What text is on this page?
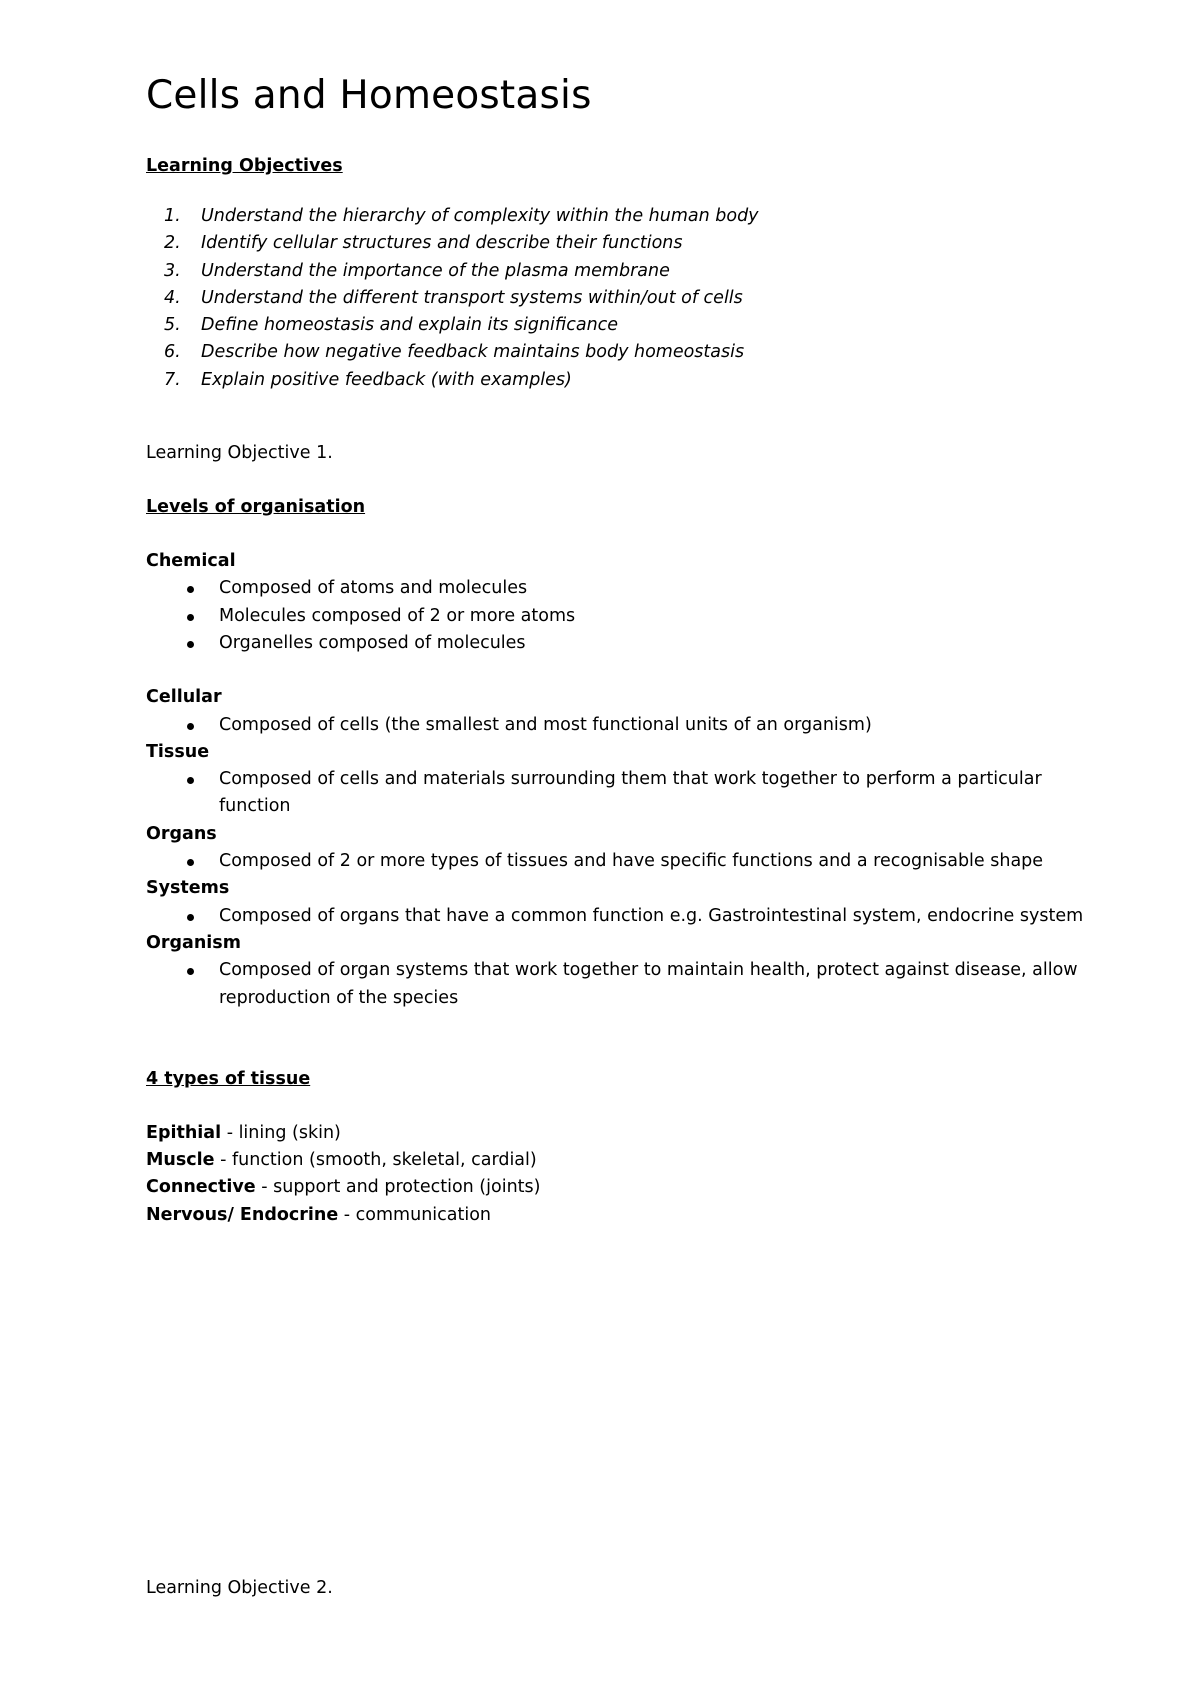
Cells and Homeostasis

Learning Objectives

1. Understand the hierarchy of complexity within the human body
2. Identify cellular structures and describe their functions
3. Understand the importance of the plasma membrane
4. Understand the different transport systems within/out of cells
5. Define homeostasis and explain its significance
6. Describe how negative feedback maintains body homeostasis
7. Explain positive feedback (with examples)

Learning Objective 1.

Levels of organisation

Chemical

Composed of atoms and molecules
Molecules composed of 2 or more atoms
Organelles composed of molecules

Cellular

Composed of cells (the smallest and most functional units of an organism)

Tissue

Composed of cells and materials surrounding them that work together to perform a particular function

Organs

Composed of 2 or more types of tissues and have specific functions and a recognisable shape

Systems

Composed of organs that have a common function e.g. Gastrointestinal system, endocrine system

Organism

Composed of organ systems that work together to maintain health, protect against disease, allow reproduction of the species

4 types of tissue

Epithial - lining (skin)

Muscle - function (smooth, skeletal, cardial)

Connective - support and protection (joints)

Nervous/ Endocrine - communication

Learning Objective 2.
